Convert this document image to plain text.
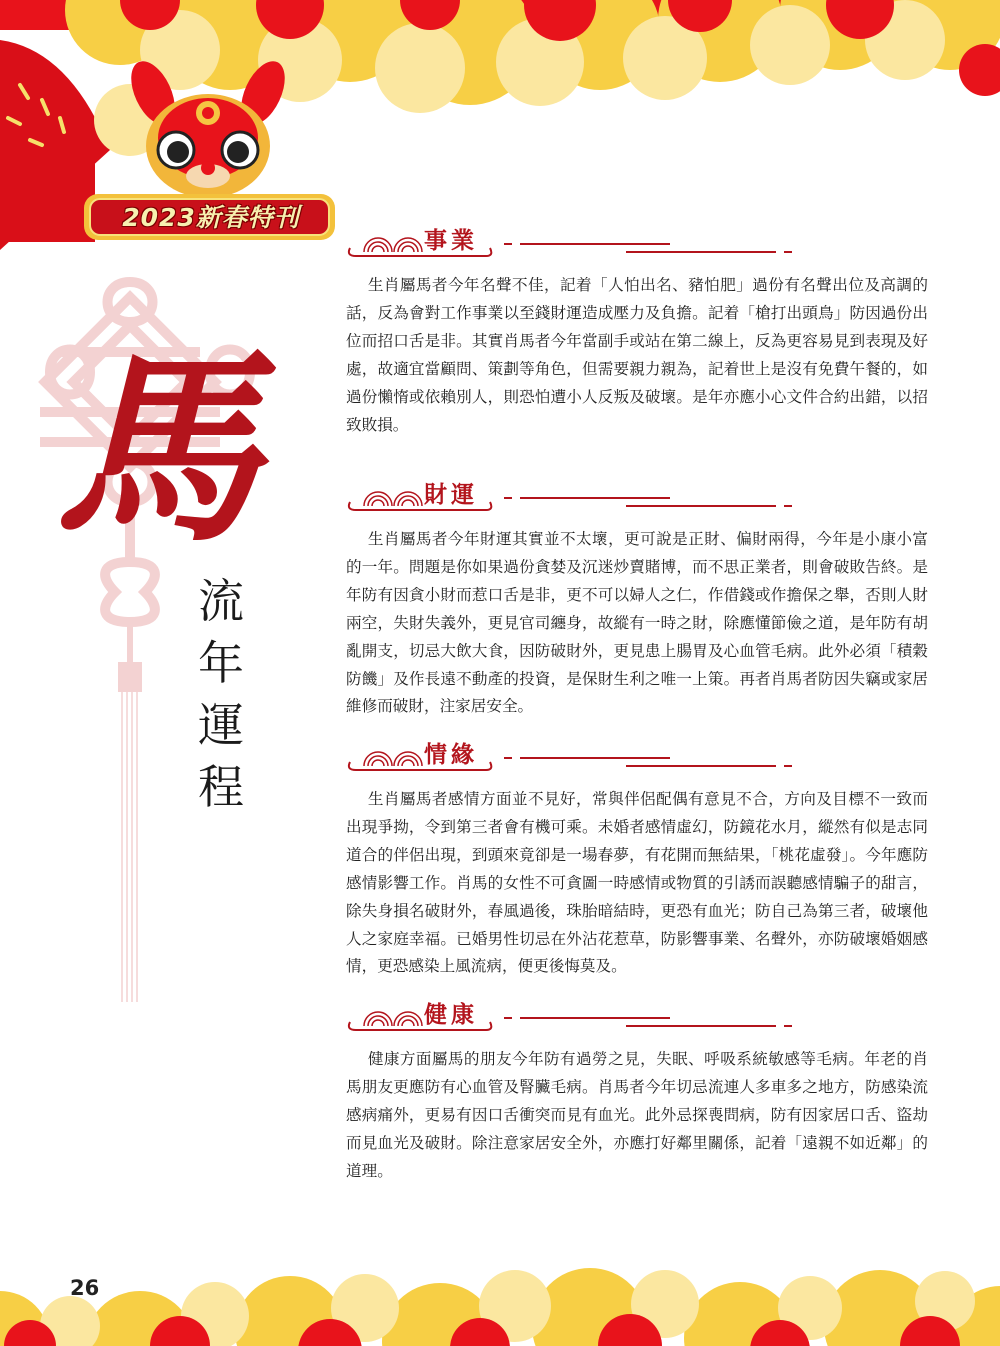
2023新春特刊
馬
流
年
運
程
事業

生肖屬馬者今年名聲不佳，記着「人怕出名、豬怕肥」過份有名聲出位及高調的話，反為會對工作事業以至錢財運造成壓力及負擔。記着「槍打出頭鳥」防因過份出位而招口舌是非。其實肖馬者今年當副手或站在第二線上，反為更容易見到表現及好處，故適宜當顧問、策劃等角色，但需要親力親為，記着世上是沒有免費午餐的，如過份懶惰或依賴別人，則恐怕遭小人反叛及破壞。是年亦應小心文件合約出錯，以招致敗損。

財運

生肖屬馬者今年財運其實並不太壞，更可說是正財、偏財兩得，今年是小康小富的一年。問題是你如果過份貪婪及沉迷炒賣賭博，而不思正業者，則會破敗告終。是年防有因貪小財而惹口舌是非，更不可以婦人之仁，作借錢或作擔保之舉，否則人財兩空，失財失義外，更見官司纏身，故縱有一時之財，除應懂節儉之道，是年防有胡亂開支，切忌大飲大食，因防破財外，更見患上腸胃及心血管毛病。此外必須「積穀防饑」及作長遠不動產的投資，是保財生利之唯一上策。再者肖馬者防因失竊或家居維修而破財，注家居安全。

情緣

生肖屬馬者感情方面並不見好，常與伴侶配偶有意見不合，方向及目標不一致而出現爭拗，令到第三者會有機可乘。未婚者感情虛幻，防鏡花水月，縱然有似是志同道合的伴侶出現，到頭來竟卻是一場春夢，有花開而無結果，「桃花虛發」。今年應防感情影響工作。肖馬的女性不可貪圖一時感情或物質的引誘而誤聽感情騙子的甜言，除失身損名破財外，春風過後，珠胎暗結時，更恐有血光；防自己為第三者，破壞他人之家庭幸福。已婚男性切忌在外沾花惹草，防影響事業、名聲外，亦防破壞婚姻感情，更恐感染上風流病，便更後悔莫及。

健康

健康方面屬馬的朋友今年防有過勞之見，失眠、呼吸系統敏感等毛病。年老的肖馬朋友更應防有心血管及腎臟毛病。肖馬者今年切忌流連人多車多之地方，防感染流感病痛外，更易有因口舌衝突而見有血光。此外忌探喪問病，防有因家居口舌、盜劫而見血光及破財。除注意家居安全外，亦應打好鄰里關係，記着「遠親不如近鄰」的道理。

26
